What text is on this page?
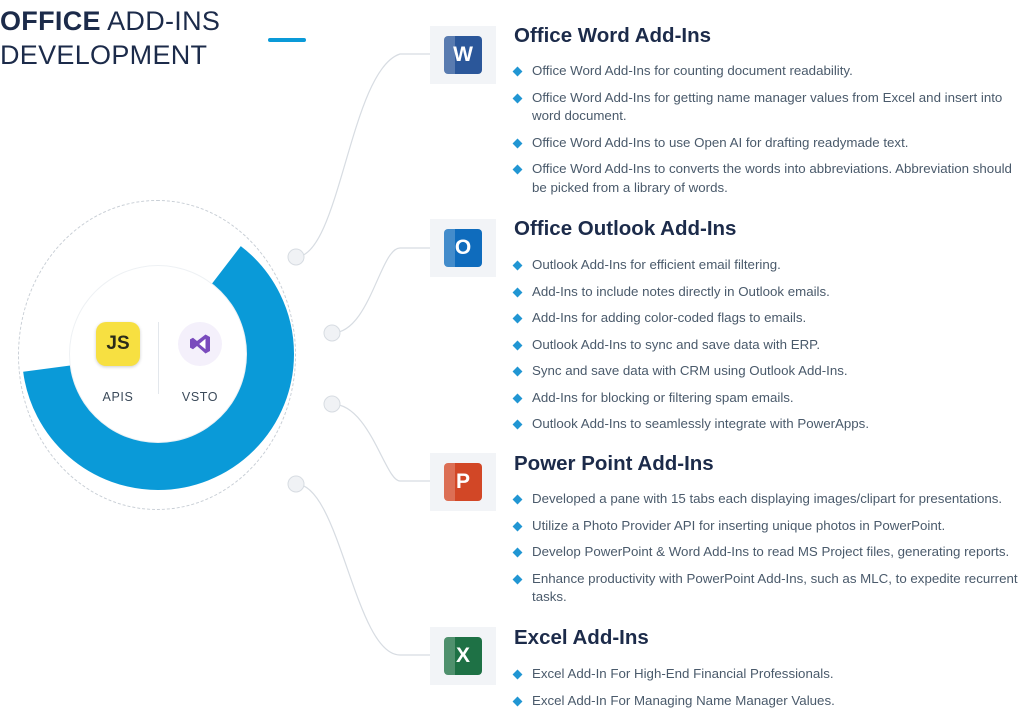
OFFICE ADD-INS
DEVELOPMENT
JS
APIS	VSTO
W
Office Word Add-Ins
Office Word Add-Ins for counting document readability.
Office Word Add-Ins for getting name manager values from Excel and insert into word document.
Office Word Add-Ins to use Open AI for drafting readymade text.
Office Word Add-Ins to converts the words into abbreviations. Abbreviation should be picked from a library of words.
O
Office Outlook Add-Ins
Outlook Add-Ins for efficient email filtering.
Add-Ins to include notes directly in Outlook emails.
Add-Ins for adding color-coded flags to emails.
Outlook Add-Ins to sync and save data with ERP.
Sync and save data with CRM using Outlook Add-Ins.
Add-Ins for blocking or filtering spam emails.
Outlook Add-Ins to seamlessly integrate with PowerApps.
P
Power Point Add-Ins
Developed a pane with 15 tabs each displaying images/clipart for presentations.
Utilize a Photo Provider API for inserting unique photos in PowerPoint.
Develop PowerPoint & Word Add-Ins to read MS Project files, generating reports.
Enhance productivity with PowerPoint Add-Ins, such as MLC, to expedite recurrent tasks.
X
Excel Add-Ins
Excel Add-In For High-End Financial Professionals.
Excel Add-In For Managing Name Manager Values.
